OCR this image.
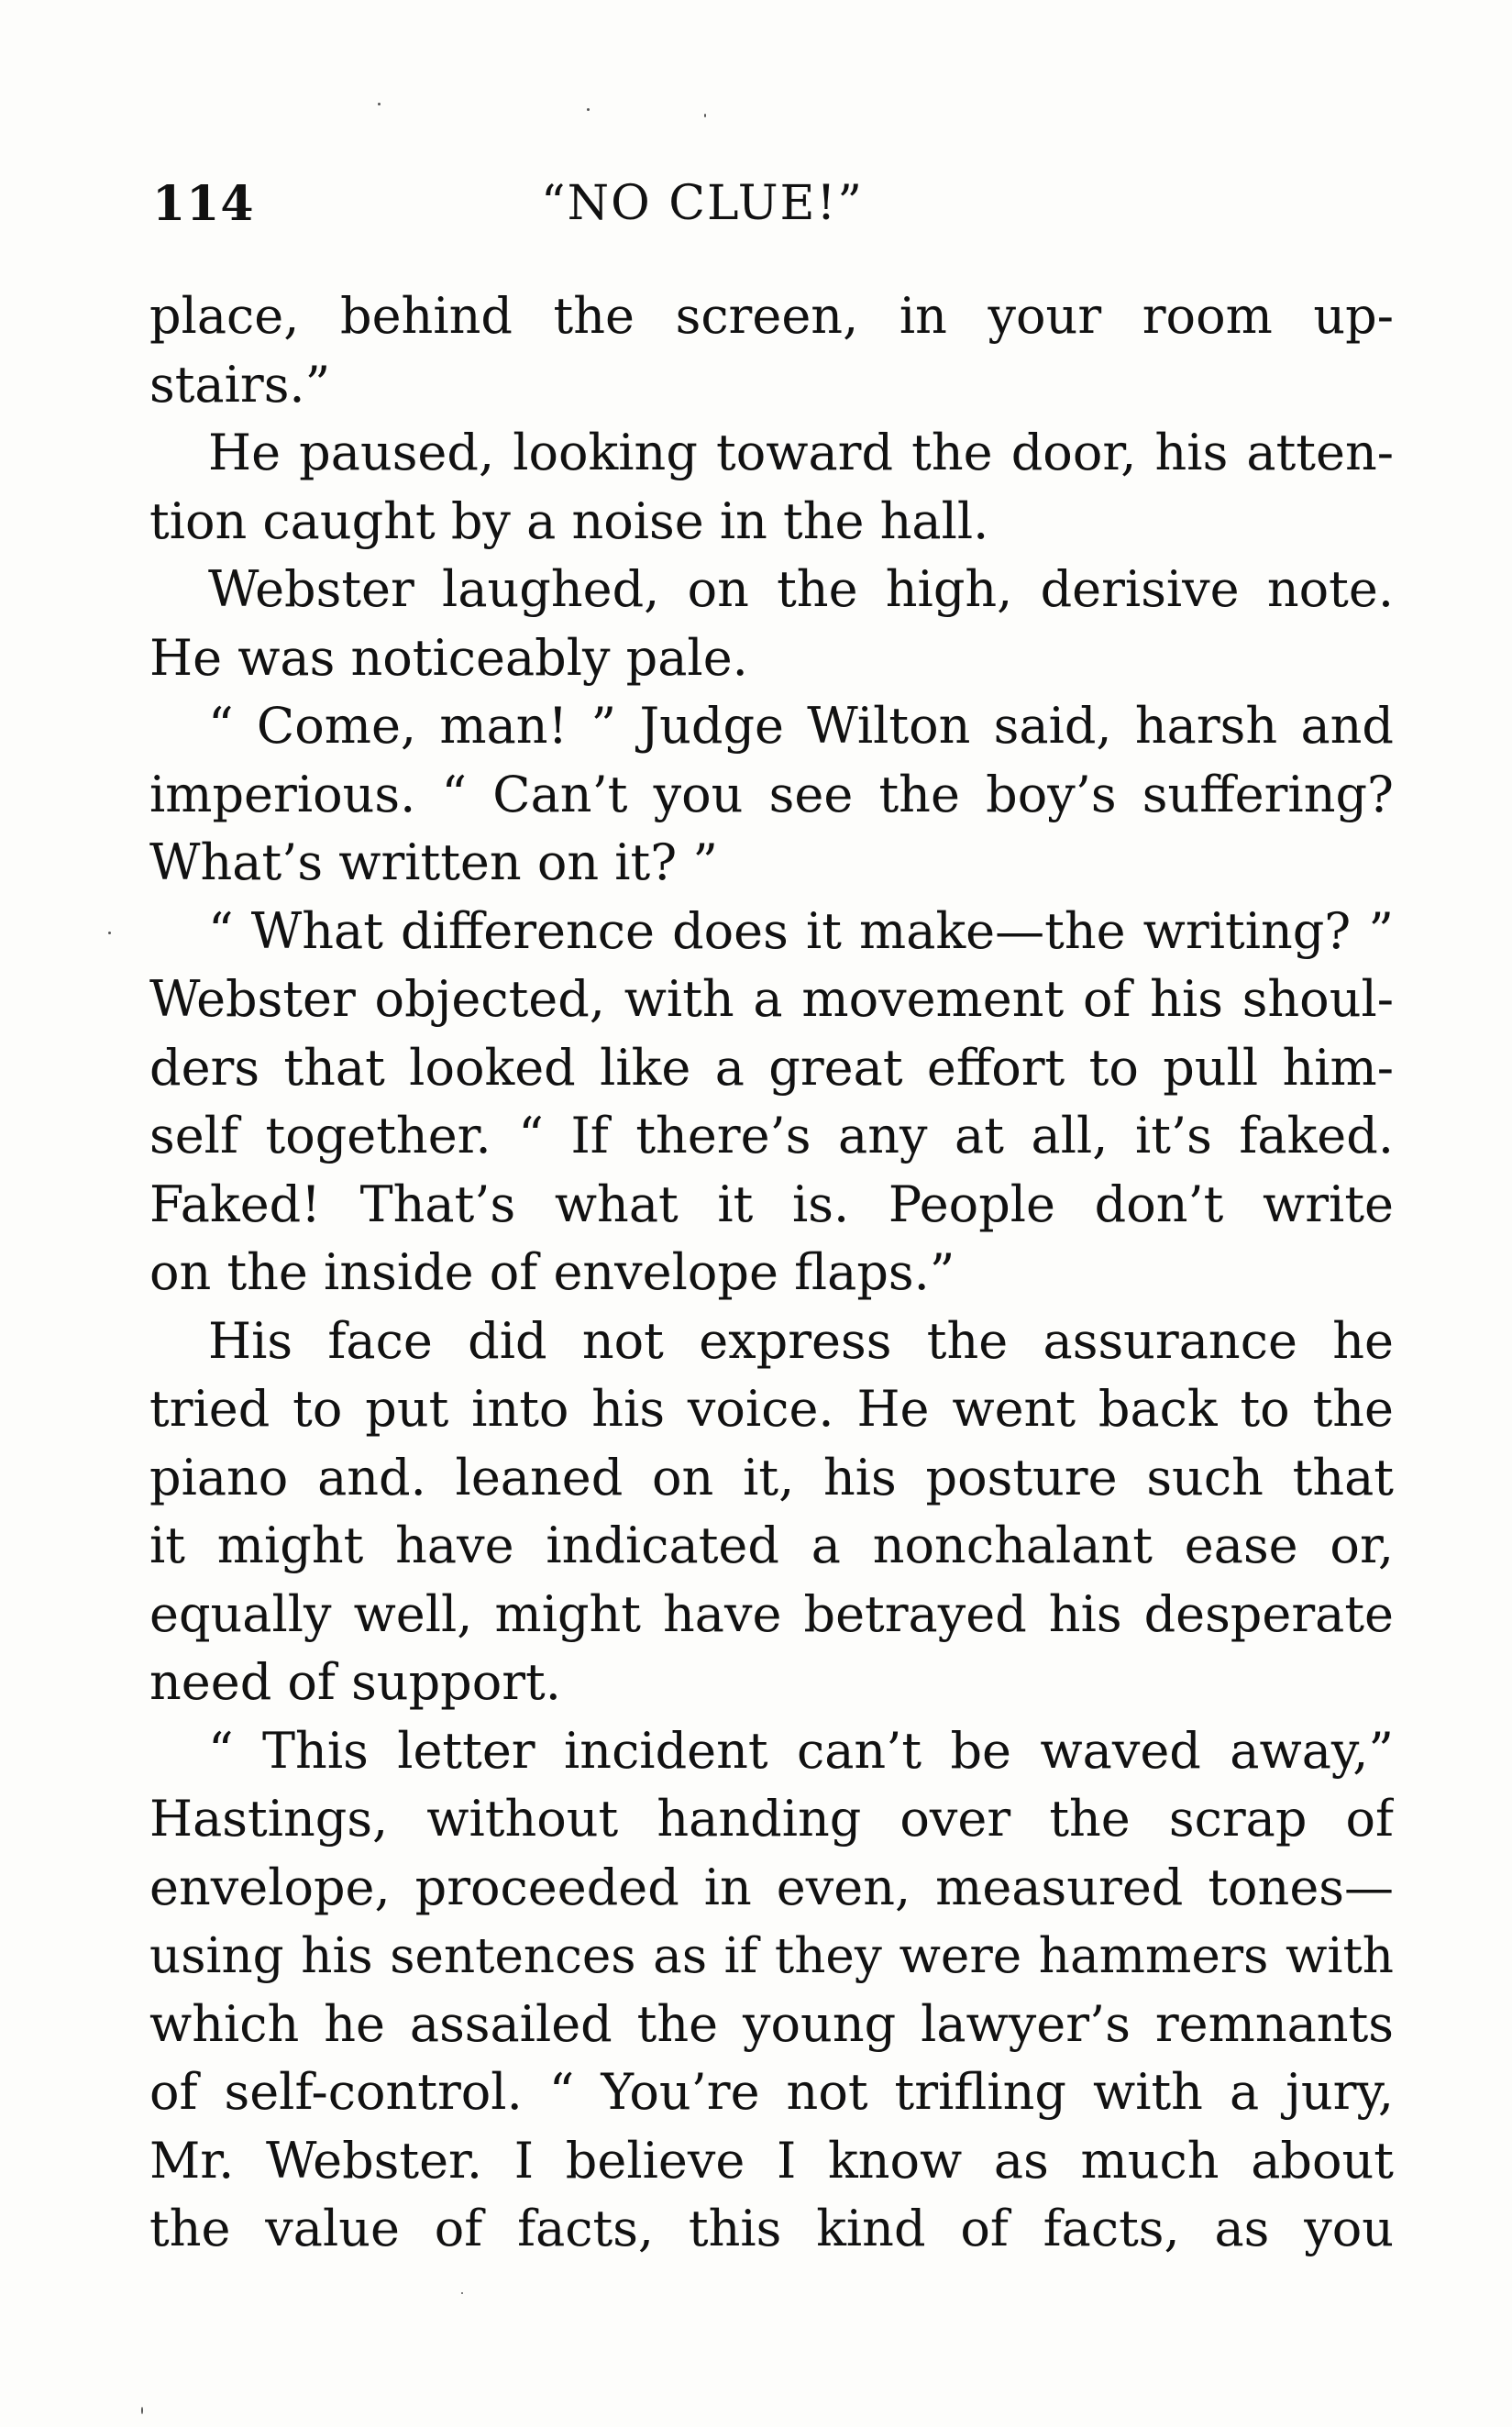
114	“NO CLUE!”
place, behind the screen, in your room up-
stairs.”
He paused, looking toward the door, his atten-
tion caught by a noise in the hall.
Webster laughed, on the high, derisive note.
He was noticeably pale.
“ Come, man! ” Judge Wilton said, harsh and
imperious. “ Can’t you see the boy’s suffering?
What’s written on it? ”
“ What difference does it make—the writing? ”
Webster objected, with a movement of his shoul-
ders that looked like a great effort to pull him-
self together. “ If there’s any at all, it’s faked.
Faked! That’s what it is. People don’t write
on the inside of envelope flaps.”
His face did not express the assurance he
tried to put into his voice. He went back to the
piano and. leaned on it, his posture such that
it might have indicated a nonchalant ease or,
equally well, might have betrayed his desperate
need of support.
“ This letter incident can’t be waved away,”
Hastings, without handing over the scrap of
envelope, proceeded in even, measured tones—
using his sentences as if they were hammers with
which he assailed the young lawyer’s remnants
of self-control. “ You’re not trifling with a jury,
Mr. Webster. I believe I know as much about
the value of facts, this kind of facts, as you
